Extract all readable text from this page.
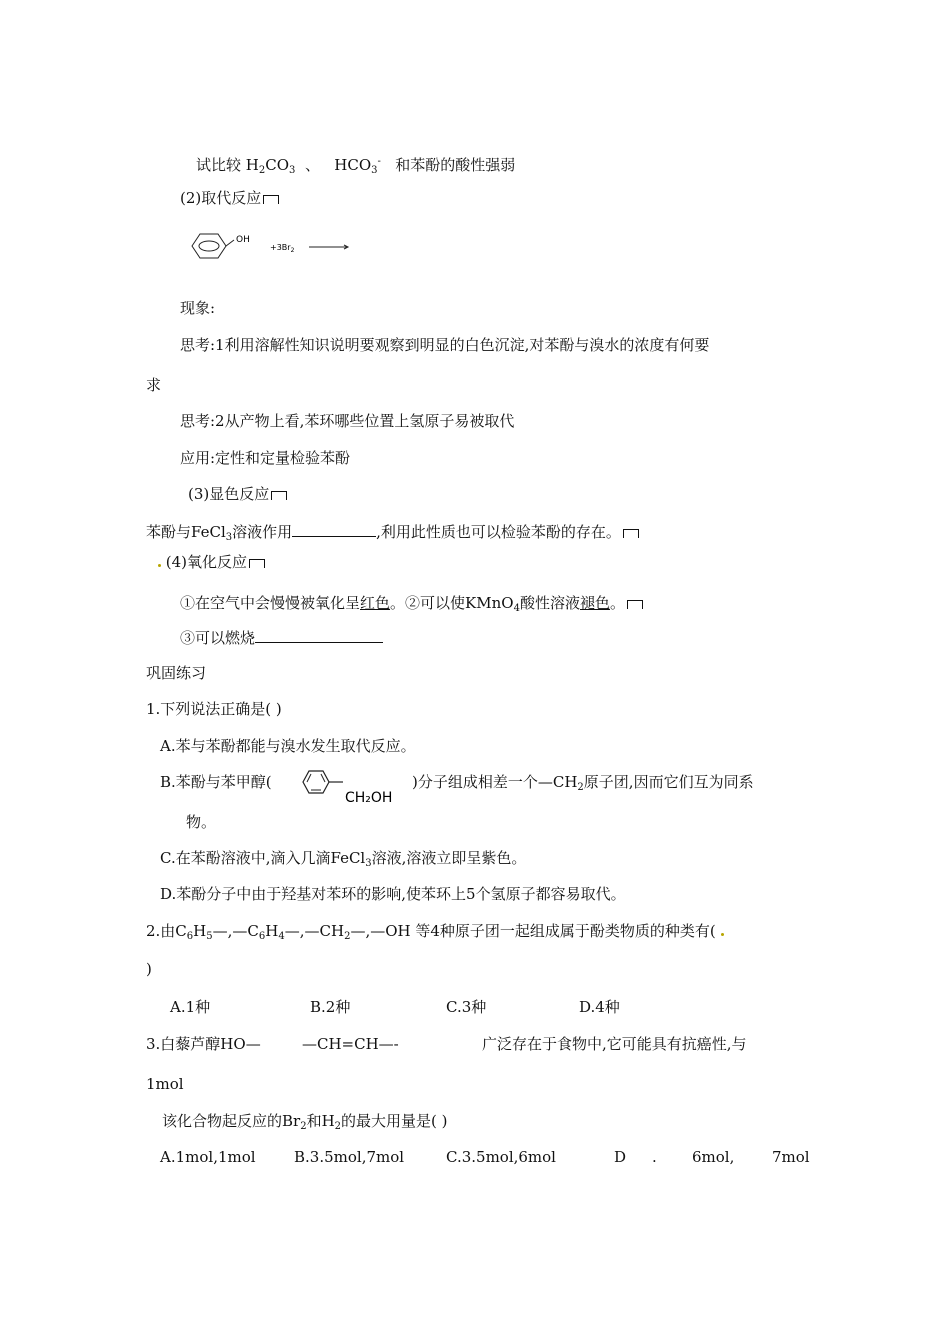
试比较 $H_2CO_3$ 、 $HCO_3^-$ 和苯酚的酸性强弱
(2)取代反应
OH
$+3Br_2$
现象:
思考:1利用溶解性知识说明要观察到明显的白色沉淀,对苯酚与溴水的浓度有何要
求
思考:2从产物上看,苯环哪些位置上氢原子易被取代
应用:定性和定量检验苯酚
(3)显色反应
苯酚与FeCl$_3$溶液作用	,利用此性质也可以检验苯酚的存在。
(4)氧化反应
①在空气中会慢慢被氧化呈红色。②可以使KMnO$_4$酸性溶液褪色。
③可以燃烧
巩固练习
1.下列说法正确是( )
A.苯与苯酚都能与溴水发生取代反应。
B.苯酚与苯甲醇(
CH₂OH
)分子组成相差一个$—CH_2$原子团,因而它们互为同系
物。
C.在苯酚溶液中,滴入几滴FeCl$_3$溶液,溶液立即呈紫色。
D.苯酚分子中由于羟基对苯环的影响,使苯环上5个氢原子都容易取代。
2.由$C_6H_5—,—C_6H_4—,—CH_2—,—OH$ 等4种原子团一起组成属于酚类物质的种类有(
)
A.1种	B.2种	C.3种	D.4种
3.白藜芦醇HO—	—CH=CH—-	广泛存在于食物中,它可能具有抗癌性,与
1mol
该化合物起反应的$Br_2$和$H_2$的最大用量是( )
A.1mol,1mol	B.3.5mol,7mol	C.3.5mol,6mol	D . 6mol,	7mol
